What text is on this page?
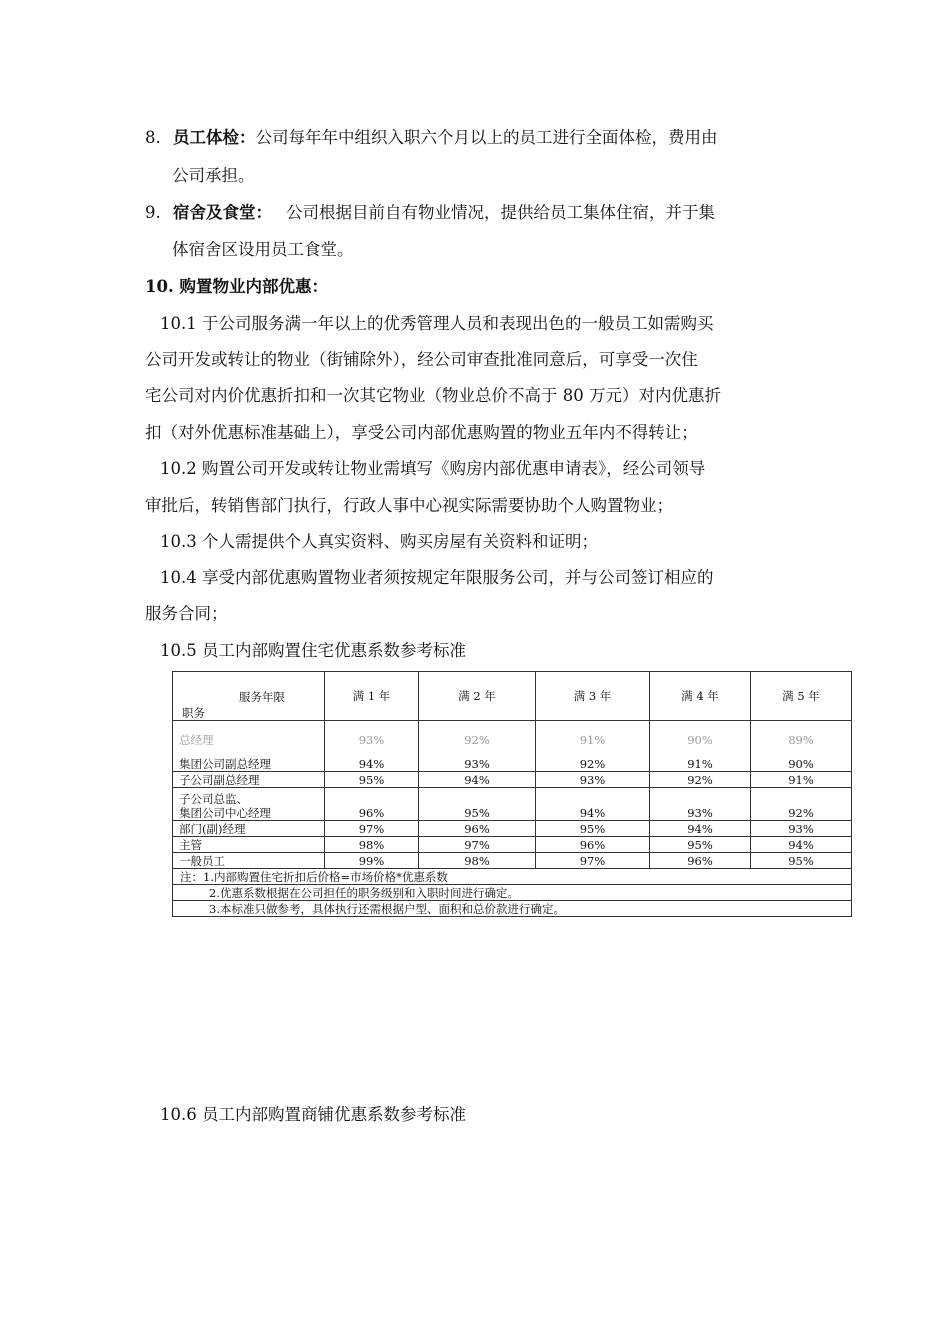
8. 员工体检：公司每年年中组织入职六个月以上的员工进行全面体检，费用由
公司承担。
9. 宿舍及食堂： 公司根据目前自有物业情况，提供给员工集体住宿，并于集
体宿舍区设用员工食堂。
10. 购置物业内部优惠：
10.1 于公司服务满一年以上的优秀管理人员和表现出色的一般员工如需购买
公司开发或转让的物业（街铺除外），经公司审查批准同意后，可享受一次住
宅公司对内价优惠折扣和一次其它物业（物业总价不高于 80 万元）对内优惠折
扣（对外优惠标准基础上），享受公司内部优惠购置的物业五年内不得转让；
10.2 购置公司开发或转让物业需填写《购房内部优惠申请表》，经公司领导
审批后，转销售部门执行，行政人事中心视实际需要协助个人购置物业；
10.3 个人需提供个人真实资料、购买房屋有关资料和证明；
10.4 享受内部优惠购置物业者须按规定年限服务公司，并与公司签订相应的
服务合同；
10.5 员工内部购置住宅优惠系数参考标准
服务年限
职务	满 1 年	满 2 年	满 3 年	满 4 年	满 5 年
总经理	93%	92%	91%	90%	89%
集团公司副总经理	94%	93%	92%	91%	90%
子公司副总经理	95%	94%	93%	92%	91%

子公司总监、
集团公司中心经理	96%	95%	94%	93%	92%
部门(副)经理	97%	96%	95%	94%	93%
主管	98%	97%	96%	95%	94%
一般员工	99%	98%	97%	96%	95%
注：1.内部购置住宅折扣后价格=市场价格*优惠系数					
2.优惠系数根据在公司担任的职务级别和入职时间进行确定。					
3.本标准只做参考，具体执行还需根据户型、面积和总价款进行确定。					
10.6 员工内部购置商铺优惠系数参考标准
